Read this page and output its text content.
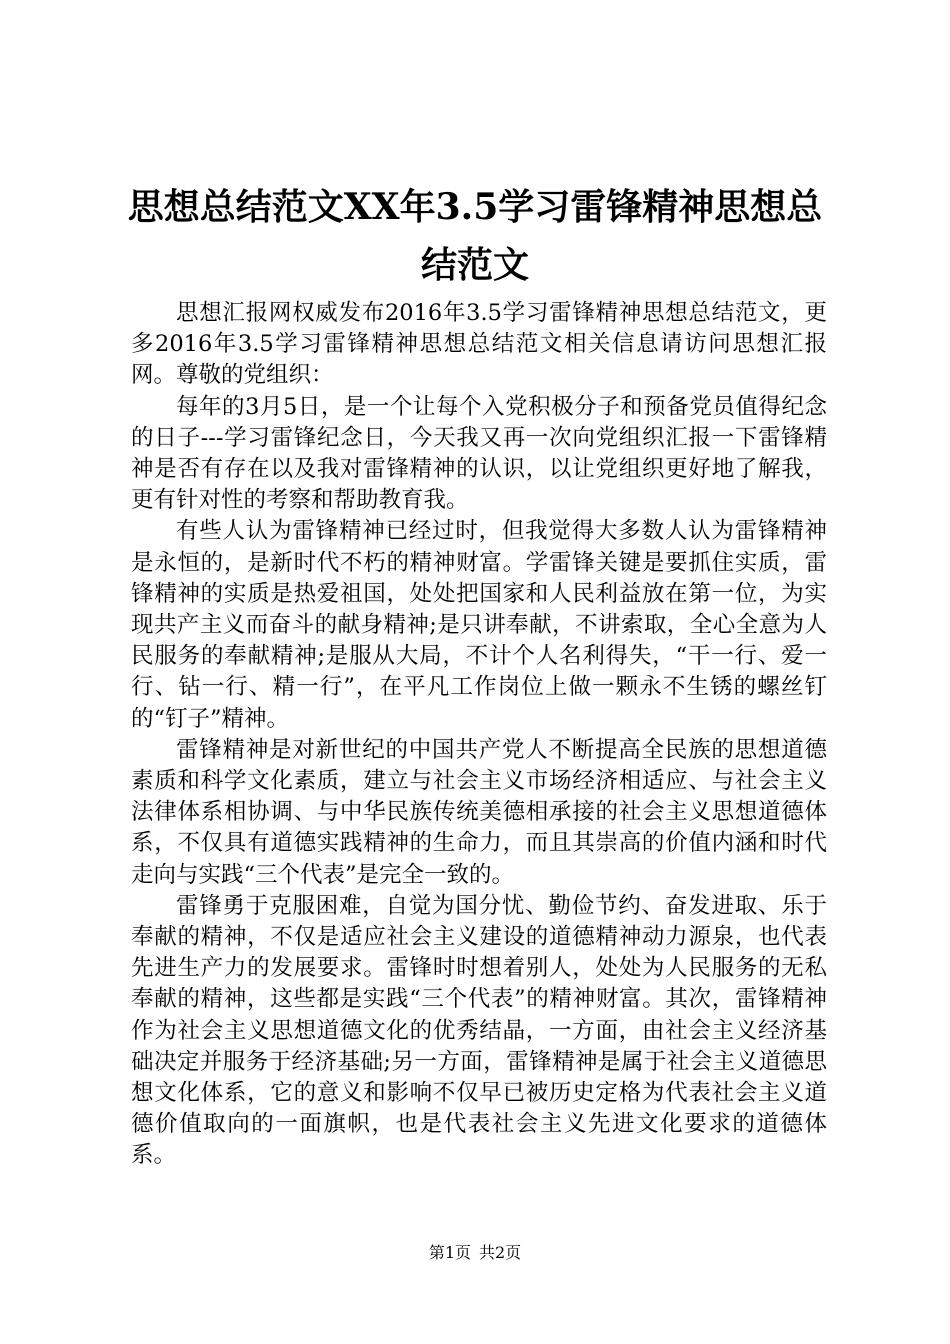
思想总结范文XX年3.5学习雷锋精神思想总结范文

思想汇报网权威发布2016年3.5学习雷锋精神思想总结范文，更多2016年3.5学习雷锋精神思想总结范文相关信息请访问思想汇报网。尊敬的党组织：

每年的3月5日，是一个让每个入党积极分子和预备党员值得纪念的日子---学习雷锋纪念日，今天我又再一次向党组织汇报一下雷锋精神是否有存在以及我对雷锋精神的认识，以让党组织更好地了解我，更有针对性的考察和帮助教育我。

有些人认为雷锋精神已经过时，但我觉得大多数人认为雷锋精神是永恒的，是新时代不朽的精神财富。学雷锋关键是要抓住实质，雷锋精神的实质是热爱祖国，处处把国家和人民利益放在第一位，为实现共产主义而奋斗的献身精神;是只讲奉献，不讲索取，全心全意为人民服务的奉献精神;是服从大局，不计个人名利得失，“干一行、爱一行、钻一行、精一行”，在平凡工作岗位上做一颗永不生锈的螺丝钉的“钉子”精神。

雷锋精神是对新世纪的中国共产党人不断提高全民族的思想道德素质和科学文化素质，建立与社会主义市场经济相适应、与社会主义法律体系相协调、与中华民族传统美德相承接的社会主义思想道德体系，不仅具有道德实践精神的生命力，而且其崇高的价值内涵和时代走向与实践“三个代表”是完全一致的。

雷锋勇于克服困难，自觉为国分忧、勤俭节约、奋发进取、乐于奉献的精神，不仅是适应社会主义建设的道德精神动力源泉，也代表先进生产力的发展要求。雷锋时时想着别人，处处为人民服务的无私奉献的精神，这些都是实践“三个代表”的精神财富。其次，雷锋精神作为社会主义思想道德文化的优秀结晶，一方面，由社会主义经济基础决定并服务于经济基础;另一方面，雷锋精神是属于社会主义道德思想文化体系，它的意义和影响不仅早已被历史定格为代表社会主义道德价值取向的一面旗帜，也是代表社会主义先进文化要求的道德体系。

第1页 共2页
